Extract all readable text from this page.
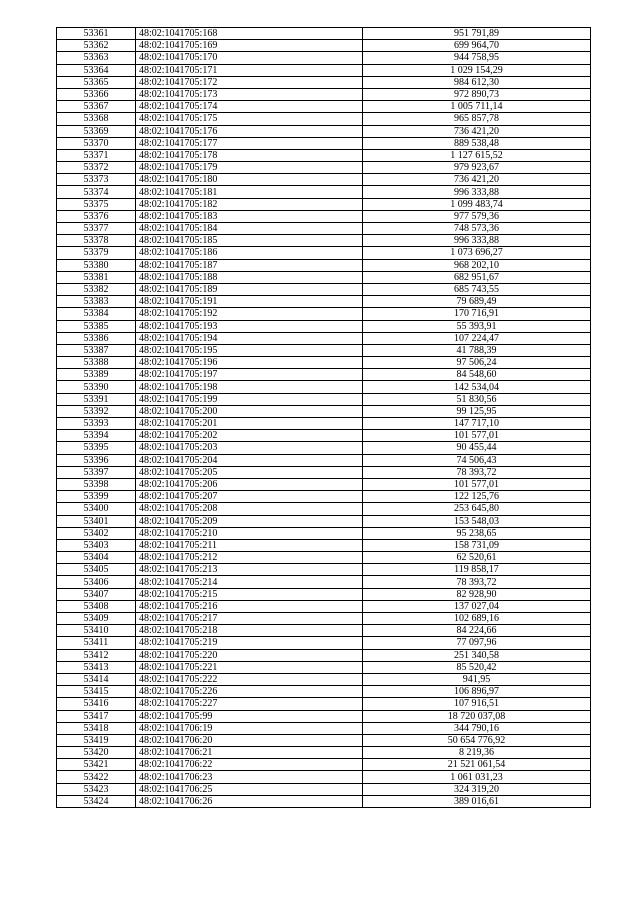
53361	48:02:1041705:168	951 791,89
53362	48:02:1041705:169	699 964,70
53363	48:02:1041705:170	944 758,95
53364	48:02:1041705:171	1 029 154,29
53365	48:02:1041705:172	984 612,30
53366	48:02:1041705:173	972 890,73
53367	48:02:1041705:174	1 005 711,14
53368	48:02:1041705:175	965 857,78
53369	48:02:1041705:176	736 421,20
53370	48:02:1041705:177	889 538,48
53371	48:02:1041705:178	1 127 615,52
53372	48:02:1041705:179	979 923,67
53373	48:02:1041705:180	736 421,20
53374	48:02:1041705:181	996 333,88
53375	48:02:1041705:182	1 099 483,74
53376	48:02:1041705:183	977 579,36
53377	48:02:1041705:184	748 573,36
53378	48:02:1041705:185	996 333,88
53379	48:02:1041705:186	1 073 696,27
53380	48:02:1041705:187	968 202,10
53381	48:02:1041705:188	682 951,67
53382	48:02:1041705:189	685 743,55
53383	48:02:1041705:191	79 689,49
53384	48:02:1041705:192	170 716,91
53385	48:02:1041705:193	55 393,91
53386	48:02:1041705:194	107 224,47
53387	48:02:1041705:195	41 788,39
53388	48:02:1041705:196	97 506,24
53389	48:02:1041705:197	84 548,60
53390	48:02:1041705:198	142 534,04
53391	48:02:1041705:199	51 830,56
53392	48:02:1041705:200	99 125,95
53393	48:02:1041705:201	147 717,10
53394	48:02:1041705:202	101 577,01
53395	48:02:1041705:203	90 455,44
53396	48:02:1041705:204	74 506,43
53397	48:02:1041705:205	78 393,72
53398	48:02:1041705:206	101 577,01
53399	48:02:1041705:207	122 125,76
53400	48:02:1041705:208	253 645,80
53401	48:02:1041705:209	153 548,03
53402	48:02:1041705:210	95 238,65
53403	48:02:1041705:211	158 731,09
53404	48:02:1041705:212	62 520,61
53405	48:02:1041705:213	119 858,17
53406	48:02:1041705:214	78 393,72
53407	48:02:1041705:215	82 928,90
53408	48:02:1041705:216	137 027,04
53409	48:02:1041705:217	102 689,16
53410	48:02:1041705:218	84 224,66
53411	48:02:1041705:219	77 097,96
53412	48:02:1041705:220	251 340,58
53413	48:02:1041705:221	85 520,42
53414	48:02:1041705:222	941,95
53415	48:02:1041705:226	106 896,97
53416	48:02:1041705:227	107 916,51
53417	48:02:1041705:99	18 720 037,08
53418	48:02:1041706:19	344 790,16
53419	48:02:1041706:20	50 654 776,92
53420	48:02:1041706:21	8 219,36
53421	48:02:1041706:22	21 521 061,54
53422	48:02:1041706:23	1 061 031,23
53423	48:02:1041706:25	324 319,20
53424	48:02:1041706:26	389 016,61
